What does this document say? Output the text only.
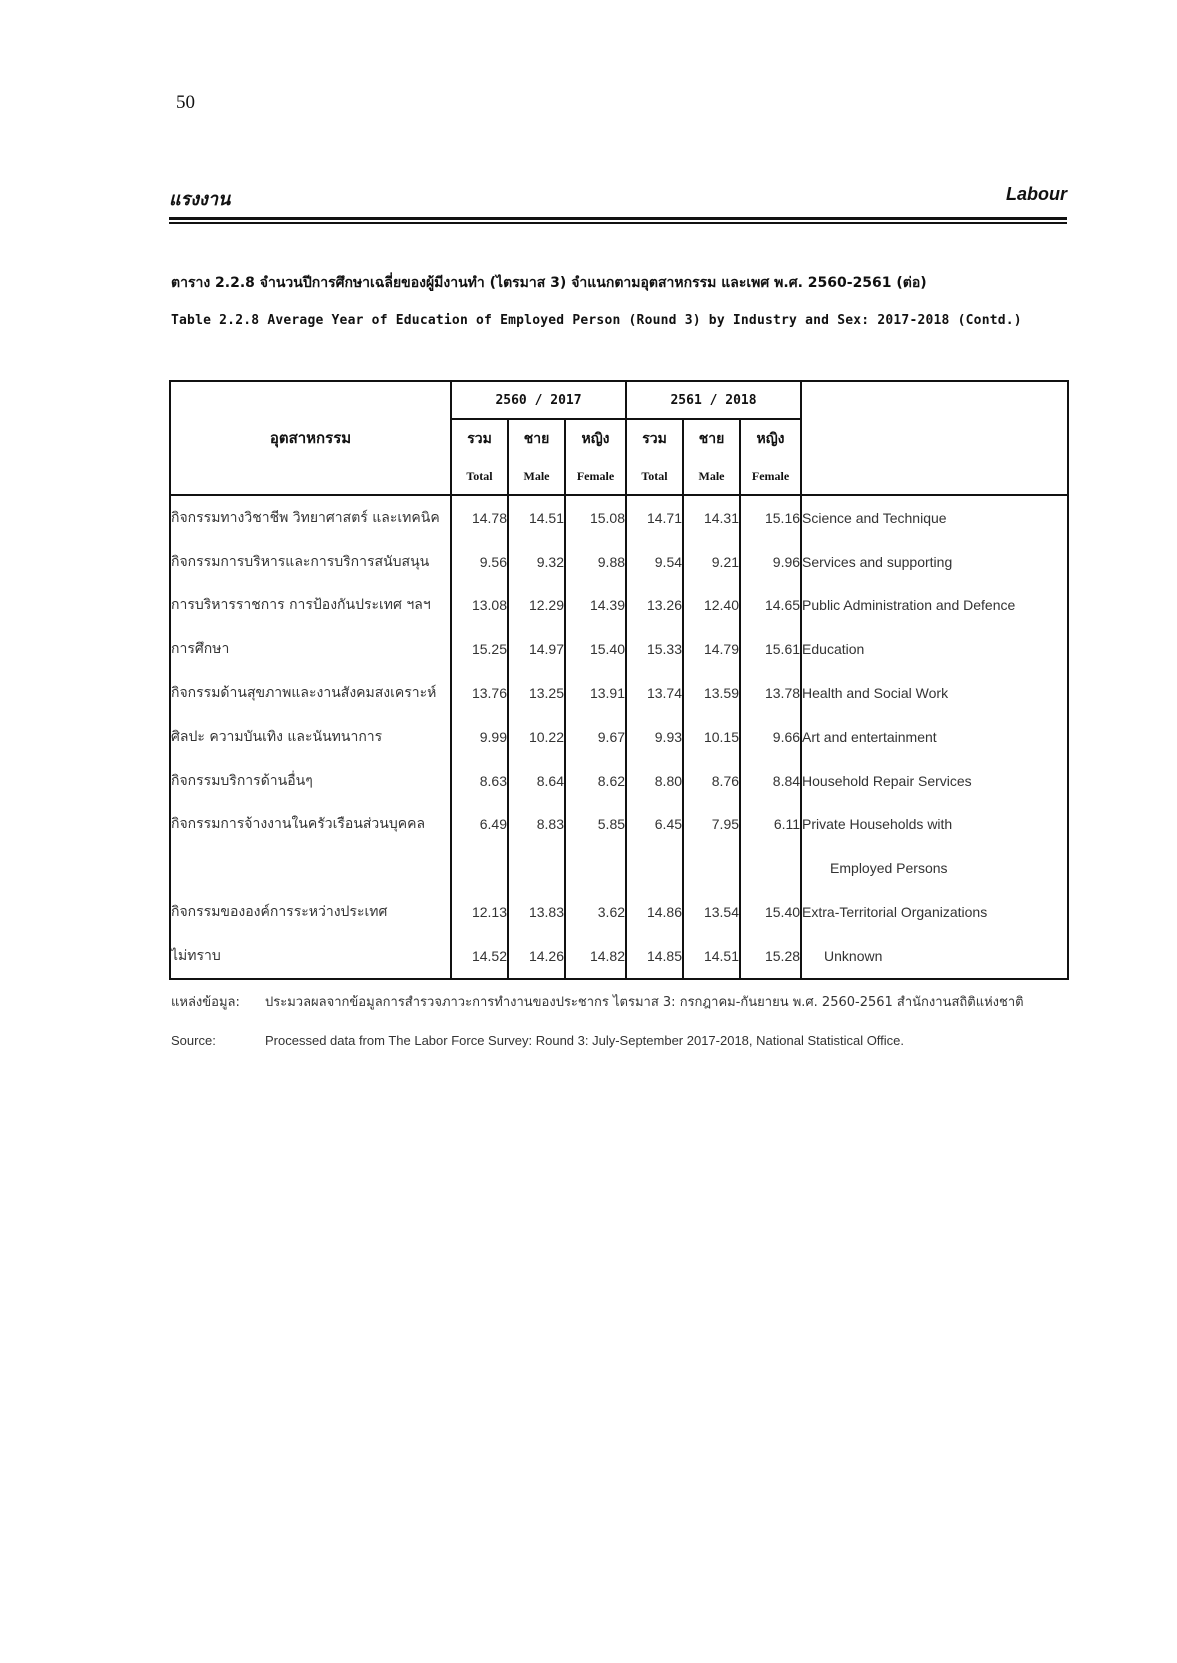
50
แรงงาน	Labour
ตาราง 2.2.8 จำนวนปีการศึกษาเฉลี่ยของผู้มีงานทำ (ไตรมาส 3) จำแนกตามอุตสาหกรรม และเพศ พ.ศ. 2560-2561 (ต่อ)
Table 2.2.8 Average Year of Education of Employed Person (Round 3) by Industry and Sex: 2017-2018 (Contd.)
อุตสาหกรรม	2560 / 2017			2561 / 2018			
	รวม	ชาย	หญิง	รวม	ชาย	หญิง	
	Total	Male	Female	Total	Male	Female	
กิจกรรมทางวิชาชีพ วิทยาศาสตร์ และเทคนิค	14.78	14.51	15.08	14.71	14.31	15.16	Science and Technique
กิจกรรมการบริหารและการบริการสนับสนุน	9.56	9.32	9.88	9.54	9.21	9.96	Services and supporting
การบริหารราชการ การป้องกันประเทศ ฯลฯ	13.08	12.29	14.39	13.26	12.40	14.65	Public Administration and Defence
การศึกษา	15.25	14.97	15.40	15.33	14.79	15.61	Education
กิจกรรมด้านสุขภาพและงานสังคมสงเคราะห์	13.76	13.25	13.91	13.74	13.59	13.78	Health and Social Work
ศิลปะ ความบันเทิง และนันทนาการ	9.99	10.22	9.67	9.93	10.15	9.66	Art and entertainment
กิจกรรมบริการด้านอื่นๆ	8.63	8.64	8.62	8.80	8.76	8.84	Household Repair Services
กิจกรรมการจ้างงานในครัวเรือนส่วนบุคคล	6.49	8.83	5.85	6.45	7.95	6.11	Private Households with
							Employed Persons
กิจกรรมขององค์การระหว่างประเทศ	12.13	13.83	3.62	14.86	13.54	15.40	Extra-Territorial Organizations
ไม่ทราบ	14.52	14.26	14.82	14.85	14.51	15.28	Unknown
แหล่งข้อมูล: ประมวลผลจากข้อมูลการสำรวจภาวะการทำงานของประชากร ไตรมาส 3: กรกฎาคม-กันยายน พ.ศ. 2560-2561 สำนักงานสถิติแห่งชาติ
Source:	Processed data from The Labor Force Survey: Round 3: July-September 2017-2018, National Statistical Office.
